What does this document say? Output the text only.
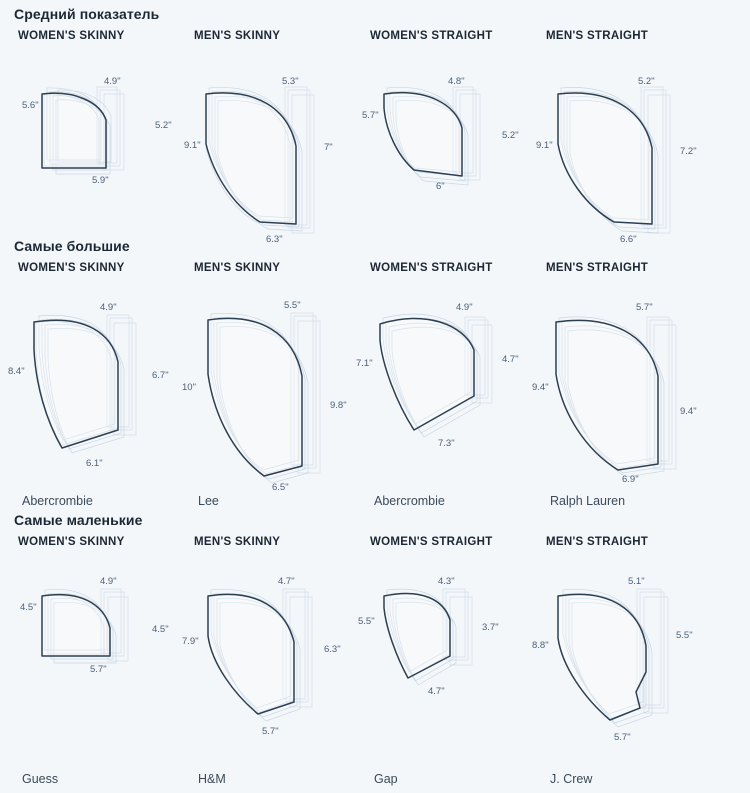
Средний показатель
WOMEN'S SKINNY
4.9"
5.6"
5.2"
5.9"
MEN'S SKINNY
5.3"
9.1"	7"
6.3"
WOMEN'S STRAIGHT
4.8"
5.7"
5.2"
6"
MEN'S STRAIGHT
5.2"
9.1"
7.2"
6.6"
Самые большие
WOMEN'S SKINNY
4.9"
8.4"	6.7"
6.1"
Abercrombie
MEN'S SKINNY
5.5"
10"
9.8"
6.5"
Lee
WOMEN'S STRAIGHT
4.9"
7.1"	4.7"
7.3"
Abercrombie
MEN'S STRAIGHT
5.7"
9.4"
9.4"
6.9"
Ralph Lauren
Самые маленькие
WOMEN'S SKINNY
4.9"
4.5"
4.5"
5.7"
Guess
MEN'S SKINNY
4.7"
7.9"
6.3"
5.7"
H&M
WOMEN'S STRAIGHT
4.3"
5.5"
3.7"
4.7"
Gap
MEN'S STRAIGHT
5.1"
8.8"
5.5"
5.7"
J. Crew
